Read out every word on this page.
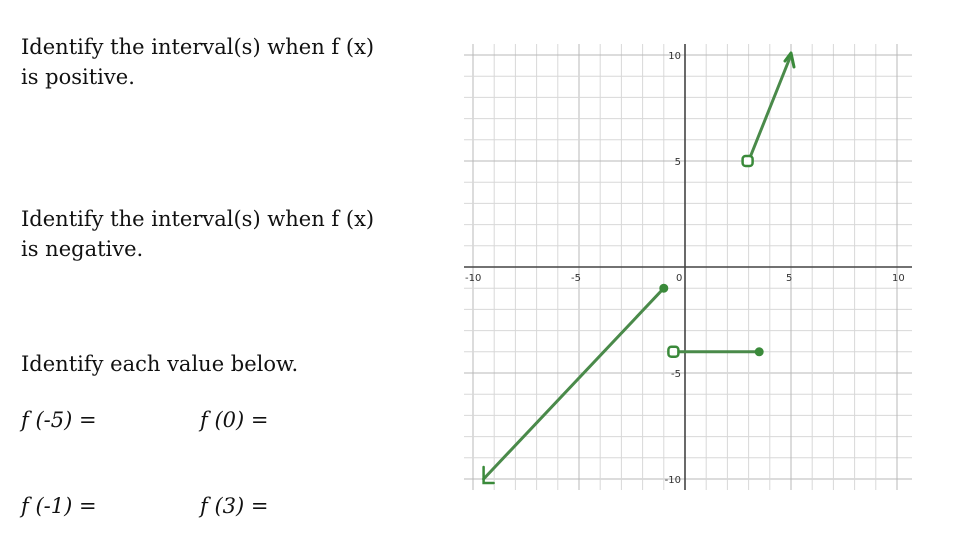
Identify the interval(s) when f (x)
is positive.
Identify the interval(s) when f (x)
is negative.
Identify each value below.
f (-5) =	f (0) =
f (-1) =	f (3) =
-10	-5	0	5	10
10
5
-5
-10
